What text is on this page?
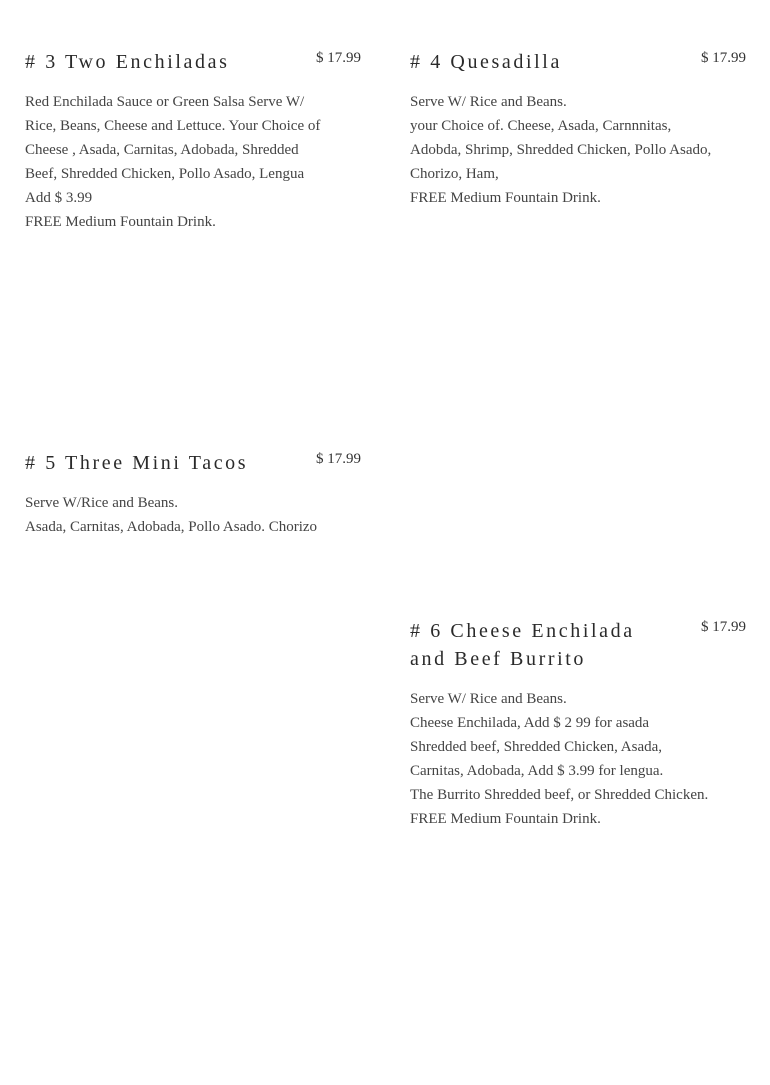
# 3 Two Enchiladas	$ 17.99
Red Enchilada Sauce or Green Salsa Serve W/
Rice, Beans, Cheese and Lettuce. Your Choice of
Cheese , Asada, Carnitas, Adobada, Shredded
Beef, Shredded Chicken, Pollo Asado, Lengua
Add $ 3.99
FREE Medium Fountain Drink.
# 4 Quesadilla	$ 17.99
Serve W/ Rice and Beans.
your Choice of. Cheese, Asada, Carnnnitas,
Adobda, Shrimp, Shredded Chicken, Pollo Asado,
Chorizo, Ham,
FREE Medium Fountain Drink.
# 5 Three Mini Tacos	$ 17.99
Serve W/Rice and Beans.
Asada, Carnitas, Adobada, Pollo Asado. Chorizo
# 6 Cheese Enchilada and Beef Burrito
$ 17.99
Serve W/ Rice and Beans.
Cheese Enchilada, Add $ 2 99 for asada
Shredded beef, Shredded Chicken, Asada,
Carnitas, Adobada, Add $ 3.99 for lengua.
The Burrito Shredded beef, or Shredded Chicken.
FREE Medium Fountain Drink.
